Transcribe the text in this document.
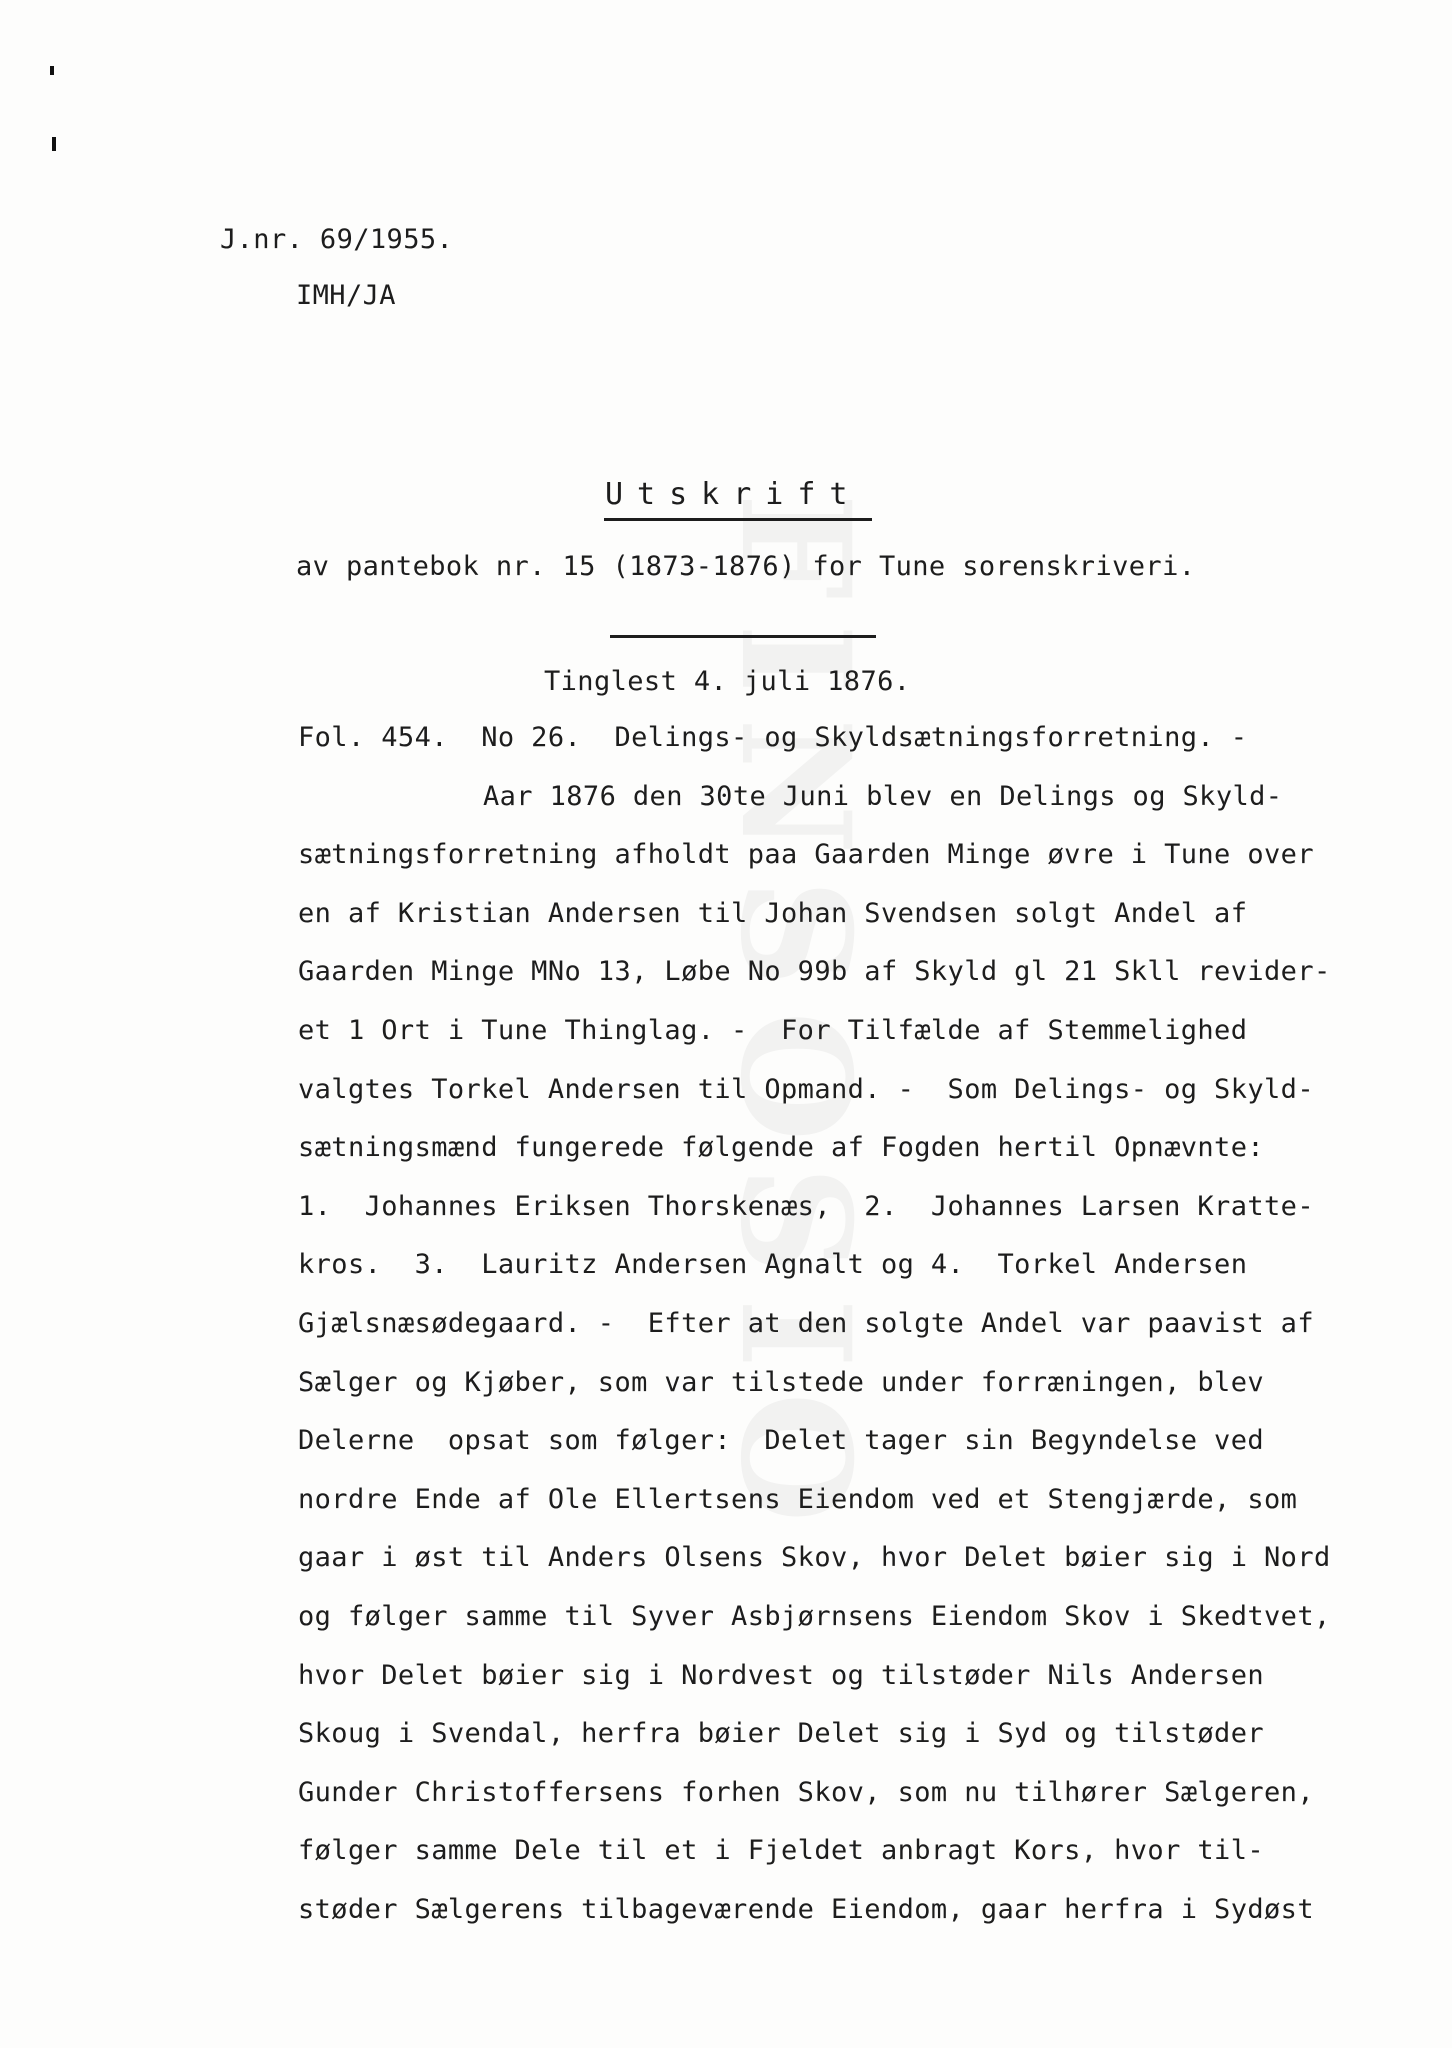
J.nr. 69/1955.
IMH/JA
Utskrift
av pantebok nr. 15 (1873-1876) for Tune sorenskriveri.
Tinglest 4. juli 1876.
Fol. 454.  No 26.  Delings- og Skyldsætningsforretning. -
Aar 1876 den 30te Juni blev en Delings og Skyld-
sætningsforretning afholdt paa Gaarden Minge øvre i Tune over
en af Kristian Andersen til Johan Svendsen solgt Andel af
Gaarden Minge MNo 13, Løbe No 99b af Skyld gl 21 Skll revider-
et 1 Ort i Tune Thinglag. -  For Tilfælde af Stemmelighed
valgtes Torkel Andersen til Opmand. -  Som Delings- og Skyld-
sætningsmænd fungerede følgende af Fogden hertil Opnævnte:
1.  Johannes Eriksen Thorskenæs,  2.  Johannes Larsen Kratte-
kros.  3.  Lauritz Andersen Agnalt og 4.  Torkel Andersen
Gjælsnæsødegaard. -  Efter at den solgte Andel var paavist af
Sælger og Kjøber, som var tilstede under forræningen, blev
Delerne  opsat som følger:  Delet tager sin Begyndelse ved
nordre Ende af Ole Ellertsens Eiendom ved et Stengjærde, som
gaar i øst til Anders Olsens Skov, hvor Delet bøier sig i Nord
og følger samme til Syver Asbjørnsens Eiendom Skov i Skedtvet,
hvor Delet bøier sig i Nordvest og tilstøder Nils Andersen
Skoug i Svendal, herfra bøier Delet sig i Syd og tilstøder
Gunder Christoffersens forhen Skov, som nu tilhører Sælgeren,
følger samme Dele til et i Fjeldet anbragt Kors, hvor til-
støder Sælgerens tilbageværende Eiendom, gaar herfra i Sydøst
